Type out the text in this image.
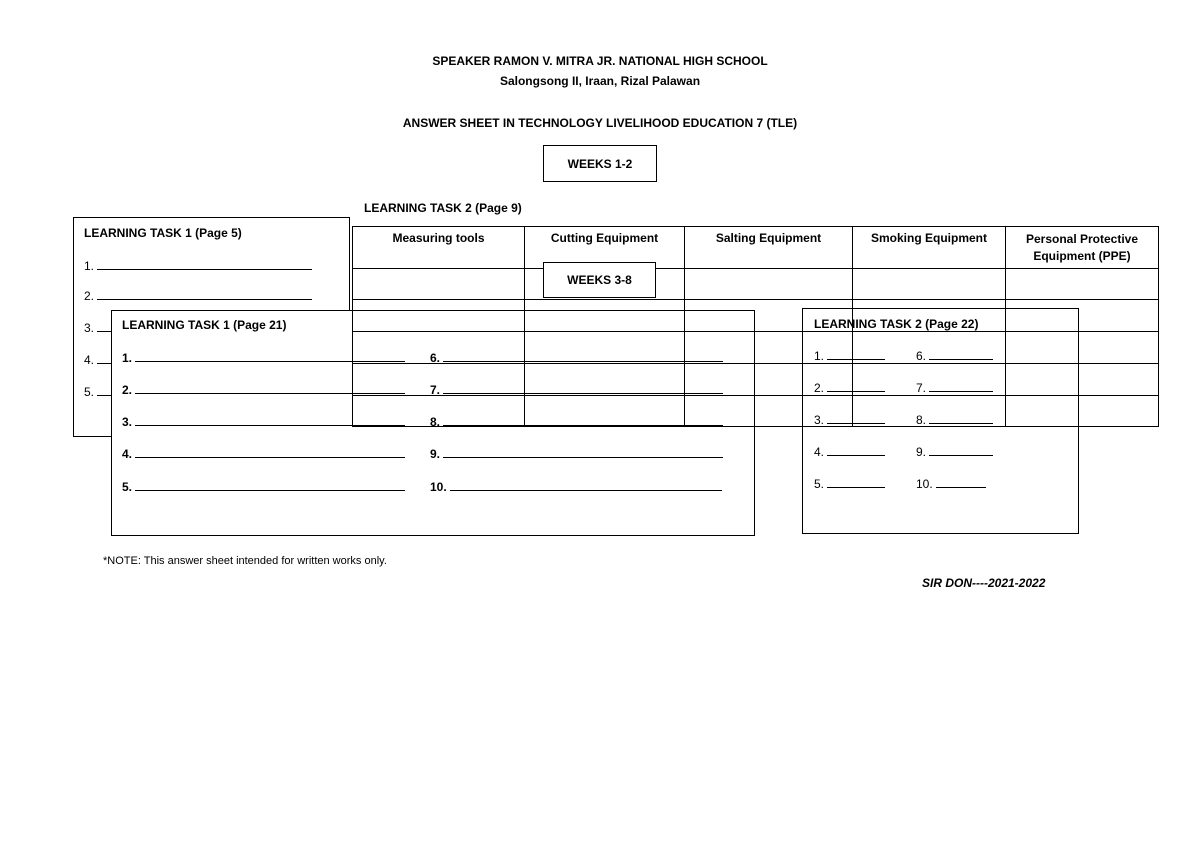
SPEAKER RAMON V. MITRA JR. NATIONAL HIGH SCHOOL
Salongsong II, Iraan, Rizal Palawan
ANSWER SHEET IN TECHNOLOGY LIVELIHOOD EDUCATION 7 (TLE)
WEEKS 1-2
LEARNING TASK 2 (Page 9)
LEARNING TASK 1 (Page 5)
1.
2.
3.
4.
5.
LEARNING TASK 1 (Page 21)
1.
2.
3.
4.
5.
6.
7.
8.
9.
10.
LEARNING TASK 2 (Page 22)
1.
2.
3.
4.
5.
6.
7.
8.
9.
10.
Measuring tools	Cutting Equipment	Salting Equipment	Smoking Equipment	Personal Protective Equipment (PPE)

WEEKS 3-8
*NOTE: This answer sheet intended for written works only.
SIR DON----2021-2022
